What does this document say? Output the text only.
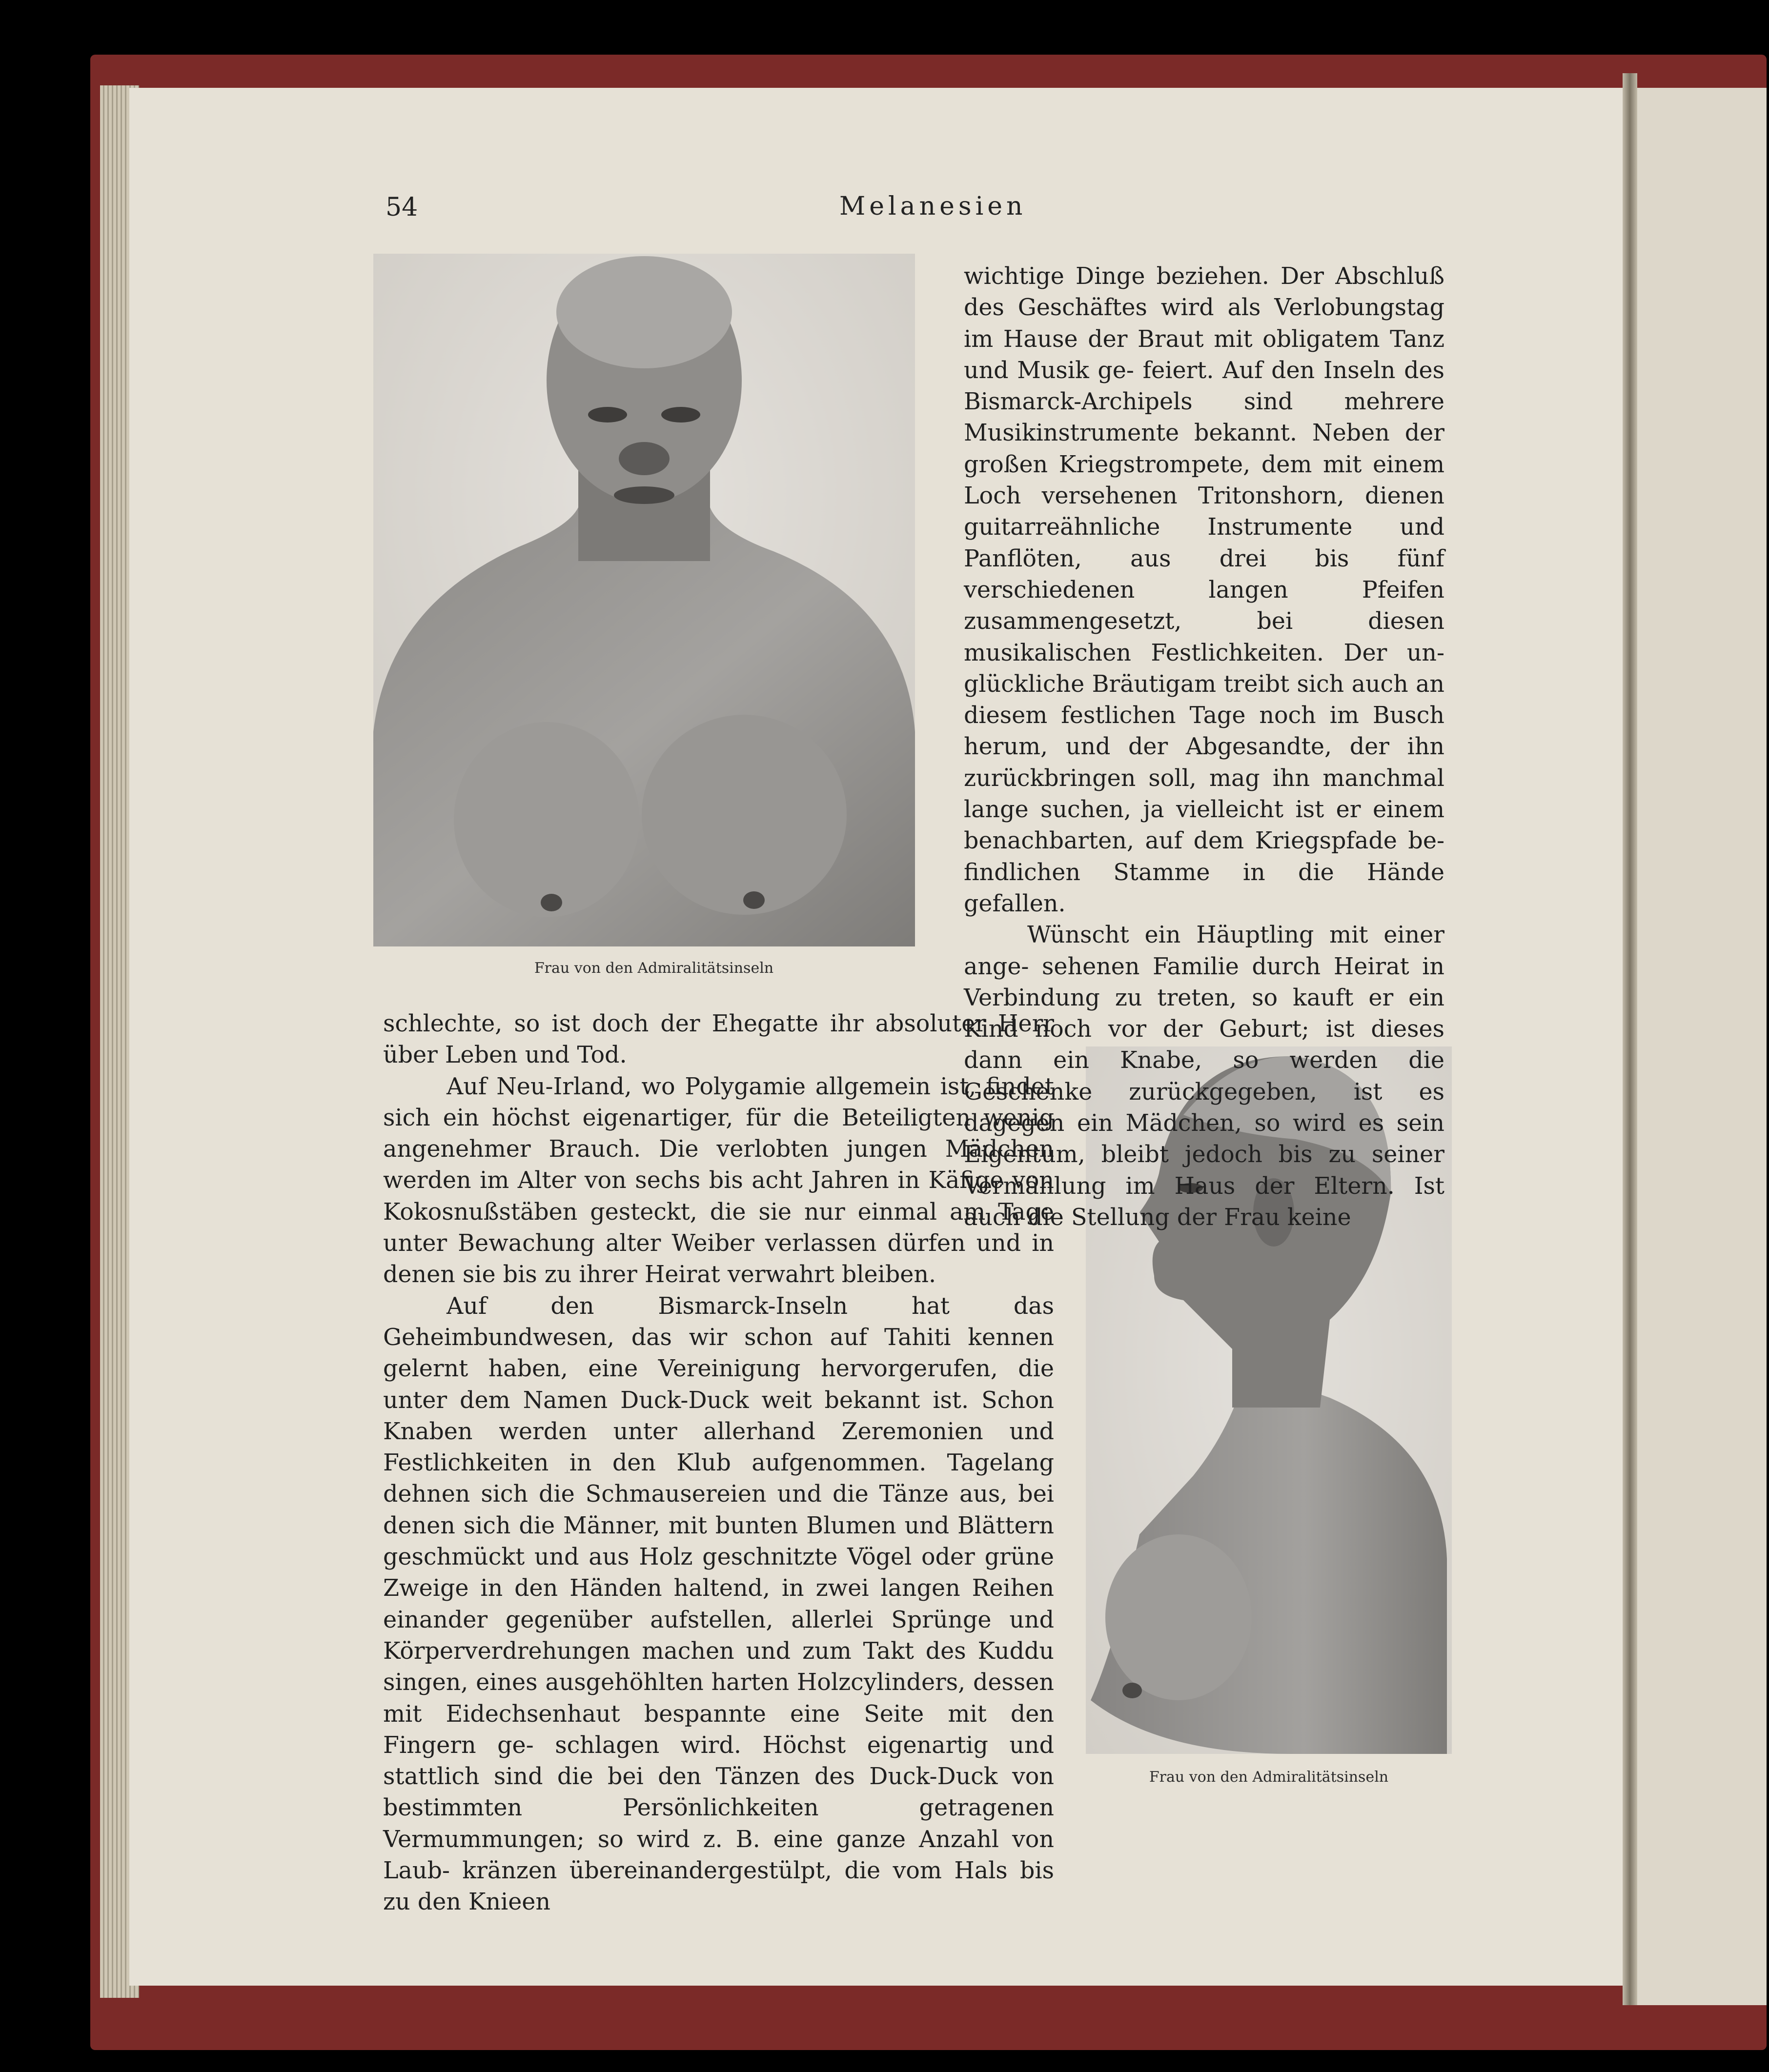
54	Melanesien
Frau von den Admiralitätsinseln
Frau von den Admiralitätsinseln

wichtige Dinge beziehen. Der Abschluß des Geschäftes wird als Verlobungstag im Hause der Braut mit obligatem Tanz und Musik ge- feiert. Auf den Inseln des Bismarck-Archipels sind mehrere Musikinstrumente bekannt. Neben der großen Kriegstrompete, dem mit einem Loch versehenen Tritonshorn, dienen guitarreähnliche Instrumente und Panflöten, aus drei bis fünf verschiedenen langen Pfeifen zusammengesetzt, bei diesen musikalischen Festlichkeiten. Der un- glückliche Bräutigam treibt sich auch an diesem festlichen Tage noch im Busch herum, und der Abgesandte, der ihn zurückbringen soll, mag ihn manchmal lange suchen, ja vielleicht ist er einem benachbarten, auf dem Kriegspfade be- findlichen Stamme in die Hände gefallen.

Wünscht ein Häuptling mit einer ange- sehenen Familie durch Heirat in Verbindung zu treten, so kauft er ein Kind noch vor der Geburt; ist dieses dann ein Knabe, so werden die Geschenke zurückgegeben, ist es dagegen ein Mädchen, so wird es sein Eigentum, bleibt jedoch bis zu seiner Vermählung im Haus der Eltern. Ist auch die Stellung der Frau keine

schlechte, so ist doch der Ehegatte ihr absoluter Herr über Leben und Tod.

Auf Neu-Irland, wo Polygamie allgemein ist, findet sich ein höchst eigenartiger, für die Beteiligten wenig angenehmer Brauch. Die verlobten jungen Mädchen werden im Alter von sechs bis acht Jahren in Käfige von Kokosnußstäben gesteckt, die sie nur einmal am Tage unter Bewachung alter Weiber verlassen dürfen und in denen sie bis zu ihrer Heirat verwahrt bleiben.

Auf den Bismarck-Inseln hat das Geheimbundwesen, das wir schon auf Tahiti kennen gelernt haben, eine Vereinigung hervorgerufen, die unter dem Namen Duck-Duck weit bekannt ist. Schon Knaben werden unter allerhand Zeremonien und Festlichkeiten in den Klub aufgenommen. Tagelang dehnen sich die Schmausereien und die Tänze aus, bei denen sich die Männer, mit bunten Blumen und Blättern geschmückt und aus Holz geschnitzte Vögel oder grüne Zweige in den Händen haltend, in zwei langen Reihen einander gegenüber aufstellen, allerlei Sprünge und Körperverdrehungen machen und zum Takt des Kuddu singen, eines ausgehöhlten harten Holzcylinders, dessen mit Eidechsenhaut bespannte eine Seite mit den Fingern ge- schlagen wird. Höchst eigenartig und stattlich sind die bei den Tänzen des Duck-Duck von bestimmten Persönlichkeiten getragenen Vermummungen; so wird z. B. eine ganze Anzahl von Laub- kränzen übereinandergestülpt, die vom Hals bis zu den Knieen
